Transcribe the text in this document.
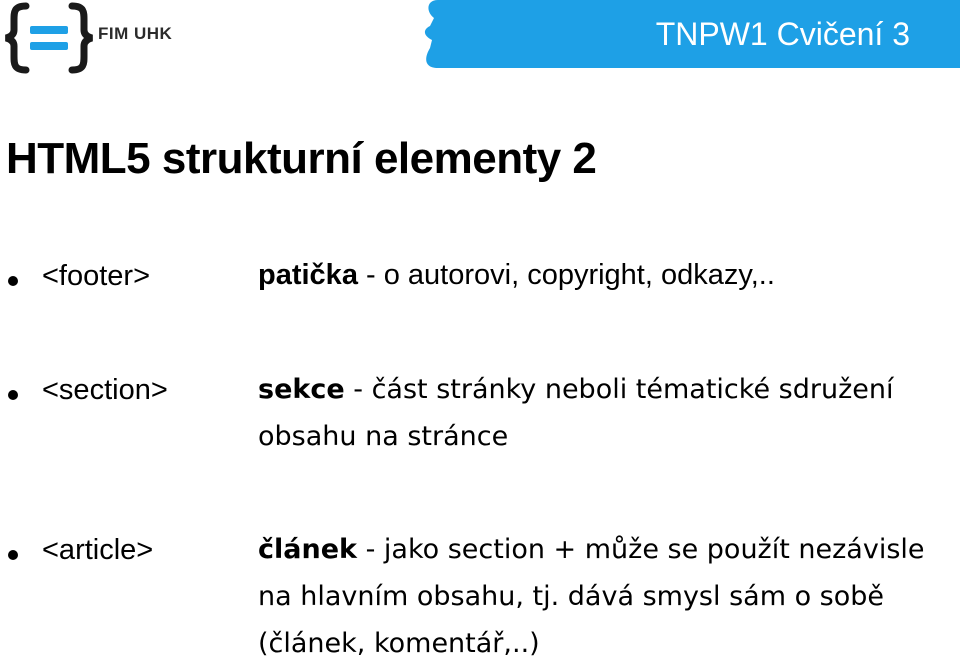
FIM UHK	TNPW1 Cvičení 3
HTML5 strukturní elementy 2
<footer>	patička - o autorovi, copyright, odkazy,..
<section>	sekce - část stránky neboli tématické sdružení obsahu na stránce
<article>	článek - jako section + může se použít nezávisle na hlavním obsahu, tj. dává smysl sám o sobě (článek, komentář,..)
